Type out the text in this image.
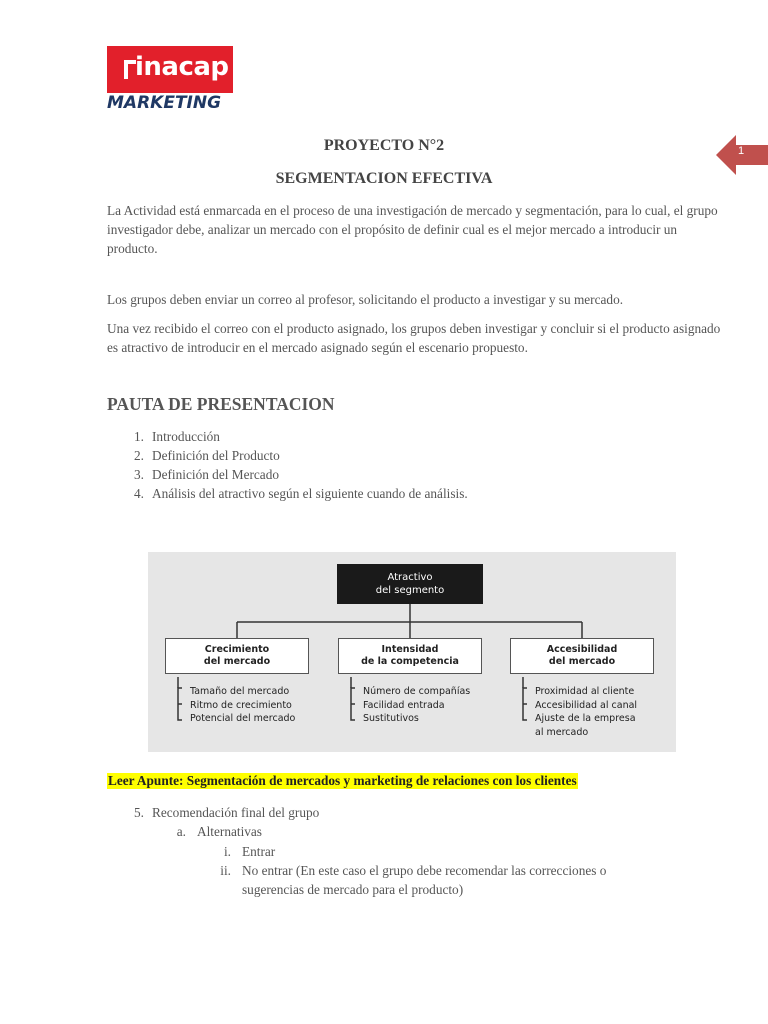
inacap
MARKETING
1
PROYECTO N°2
SEGMENTACION EFECTIVA
La Actividad está enmarcada en el proceso de una investigación de mercado y segmentación, para lo cual, el grupo investigador debe, analizar un mercado con el propósito de definir cual es el mejor mercado a introducir un producto.
Los grupos deben enviar un correo al profesor, solicitando el producto a investigar y su mercado.
Una vez recibido el correo con el producto asignado, los grupos deben investigar y concluir si el producto asignado es atractivo de introducir en el mercado asignado según el escenario propuesto.
PAUTA DE PRESENTACION
1. Introducción
2. Definición del Producto
3. Definición del Mercado
4. Análisis del atractivo según el siguiente cuando de análisis.
Atractivo
del segmento
Crecimiento
del mercado
Intensidad
de la competencia
Accesibilidad
del mercado
Tamaño del mercado
Ritmo de crecimiento
Potencial del mercado
Número de compañías
Facilidad entrada
Sustitutivos
Proximidad al cliente
Accesibilidad al canal
Ajuste de la empresa
al mercado
Leer Apunte: Segmentación de mercados y marketing de relaciones con los clientes
5. Recomendación final del grupo
a. Alternativas
i. Entrar
ii. No entrar (En este caso el grupo debe recomendar las correcciones o
sugerencias de mercado para el producto)
